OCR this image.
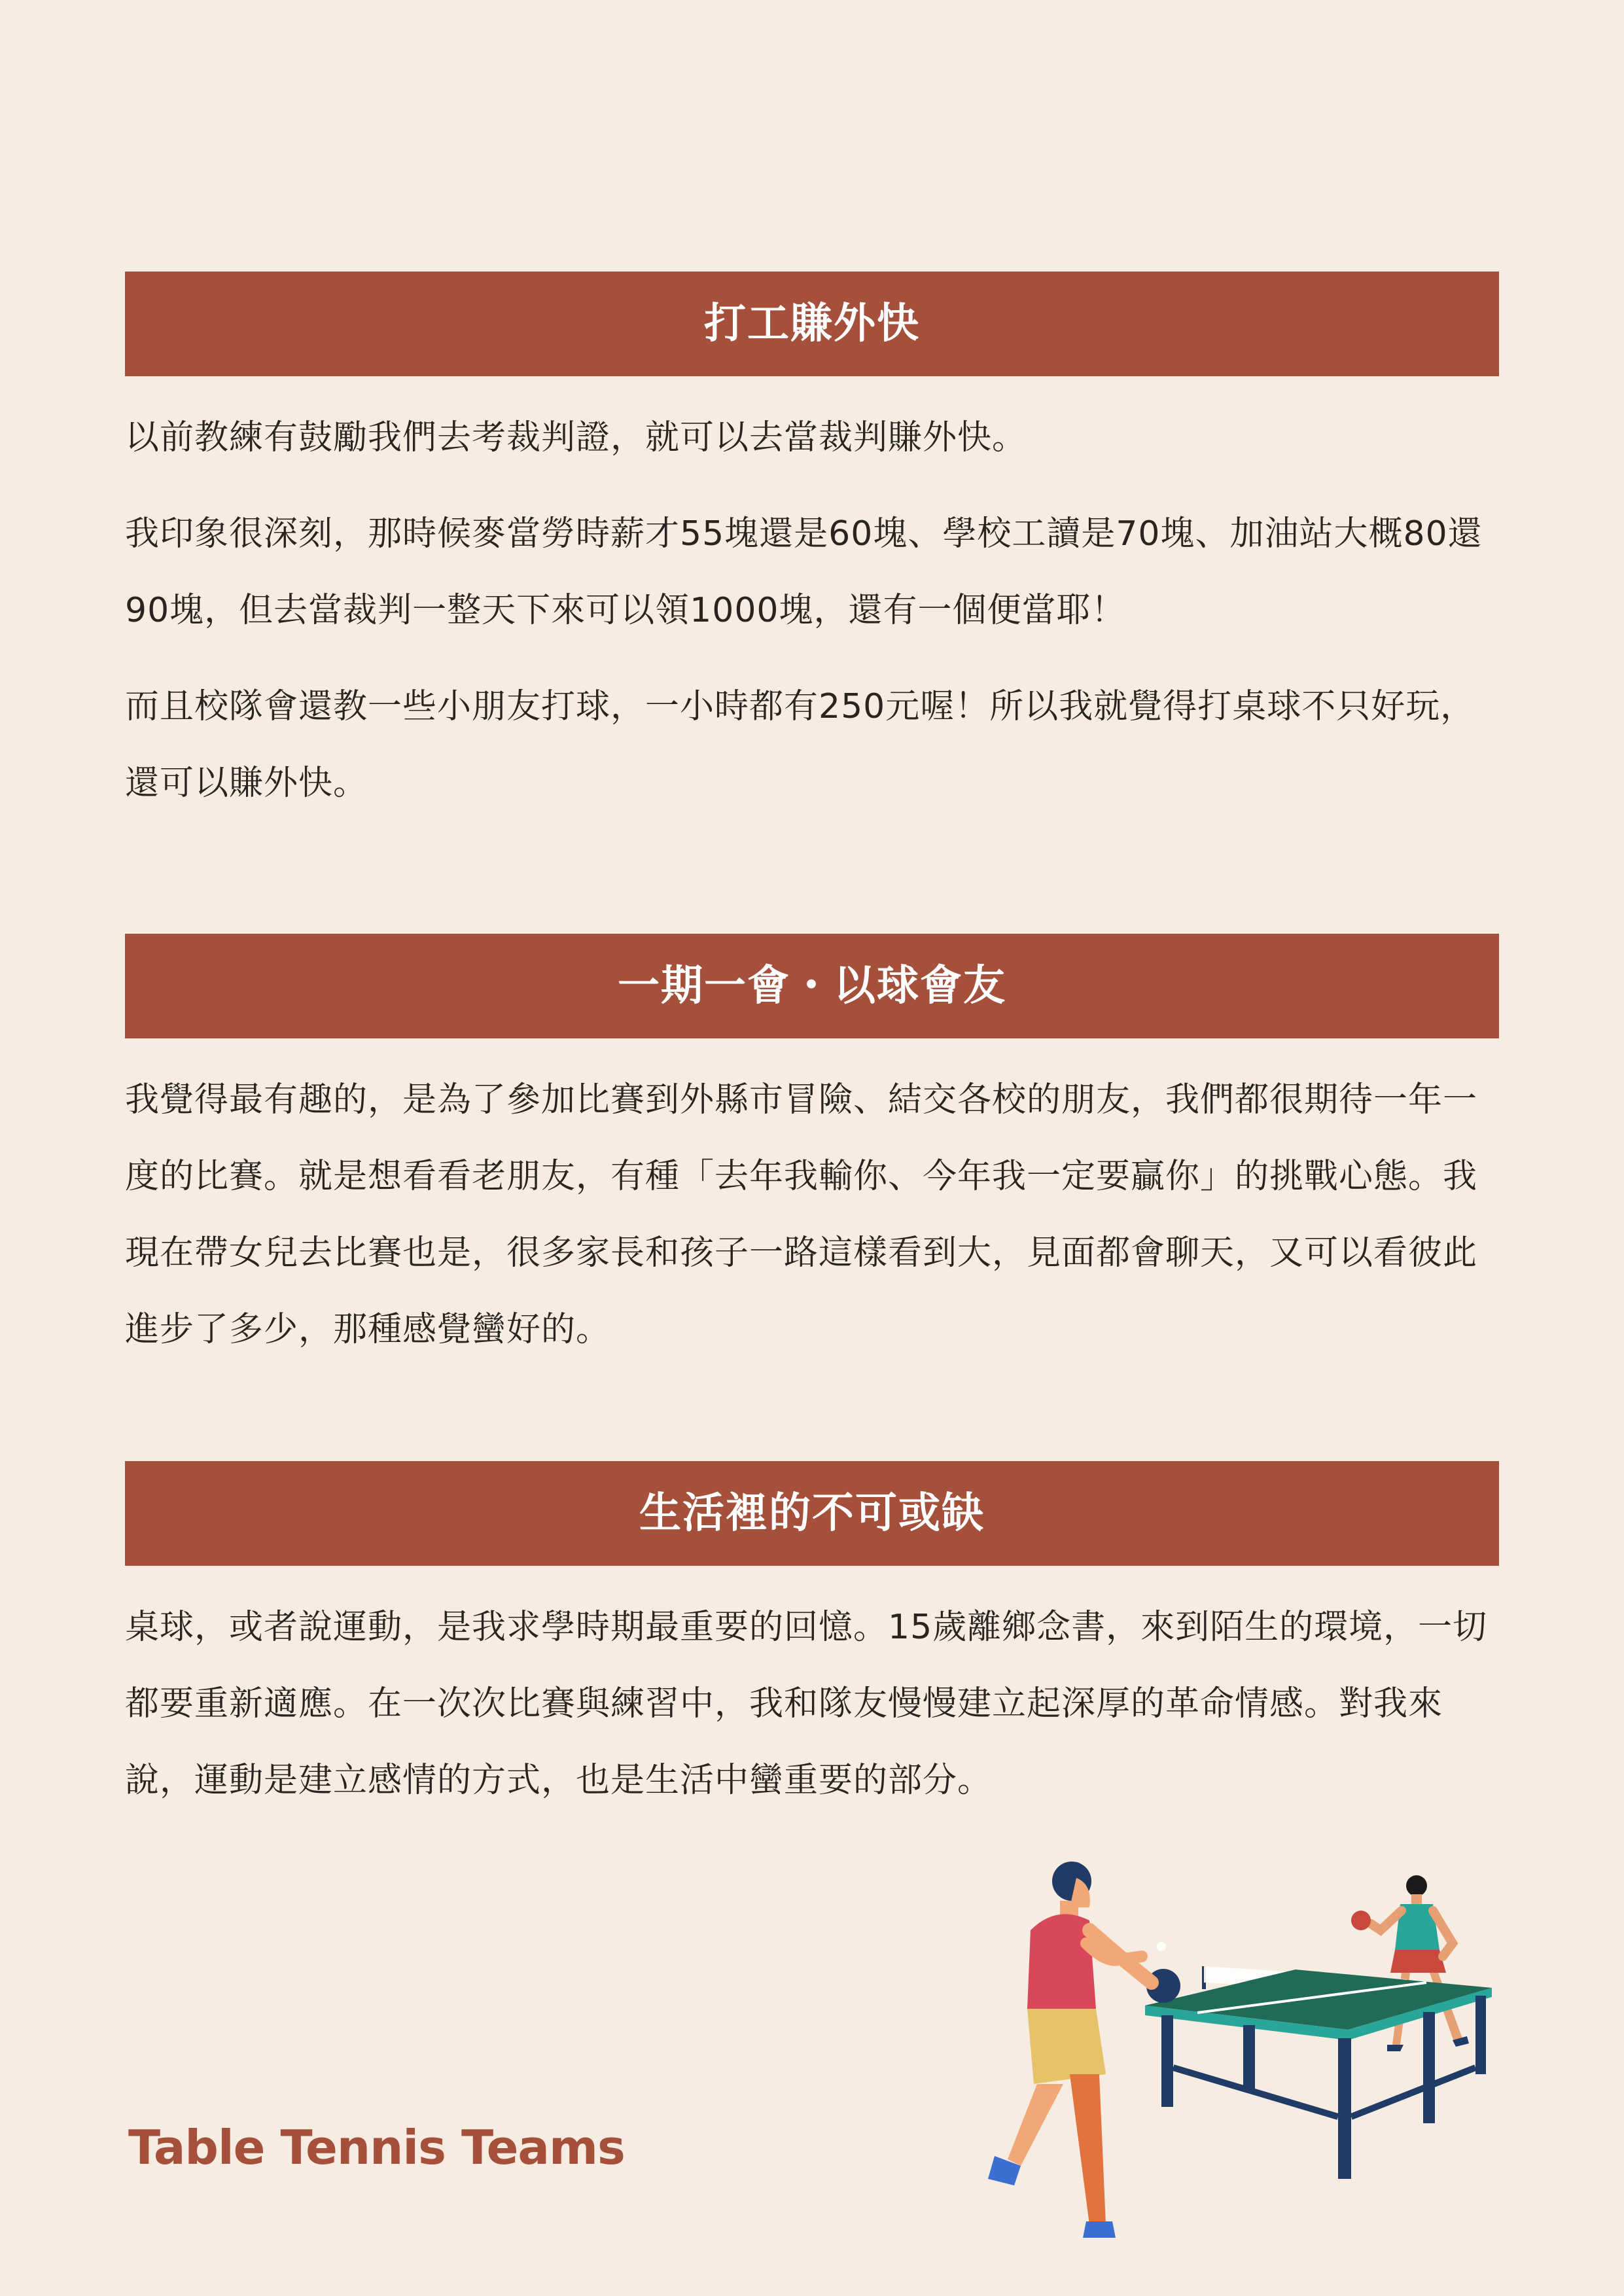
打工賺外快

以前教練有鼓勵我們去考裁判證，就可以去當裁判賺外快。

我印象很深刻，那時候麥當勞時薪才55塊還是60塊、學校工讀是70塊、加油站大概80還90塊，但去當裁判一整天下來可以領1000塊，還有一個便當耶！

而且校隊會還教一些小朋友打球，一小時都有250元喔！所以我就覺得打桌球不只好玩，還可以賺外快。

一期一會・以球會友

我覺得最有趣的，是為了參加比賽到外縣市冒險、結交各校的朋友，我們都很期待一年一度的比賽。就是想看看老朋友，有種「去年我輸你、今年我一定要贏你」的挑戰心態。我現在帶女兒去比賽也是，很多家長和孩子一路這樣看到大，見面都會聊天，又可以看彼此進步了多少，那種感覺蠻好的。

生活裡的不可或缺

桌球，或者說運動，是我求學時期最重要的回憶。15歲離鄉念書，來到陌生的環境，一切都要重新適應。在一次次比賽與練習中，我和隊友慢慢建立起深厚的革命情感。對我來說，運動是建立感情的方式，也是生活中蠻重要的部分。

Table Tennis Teams
